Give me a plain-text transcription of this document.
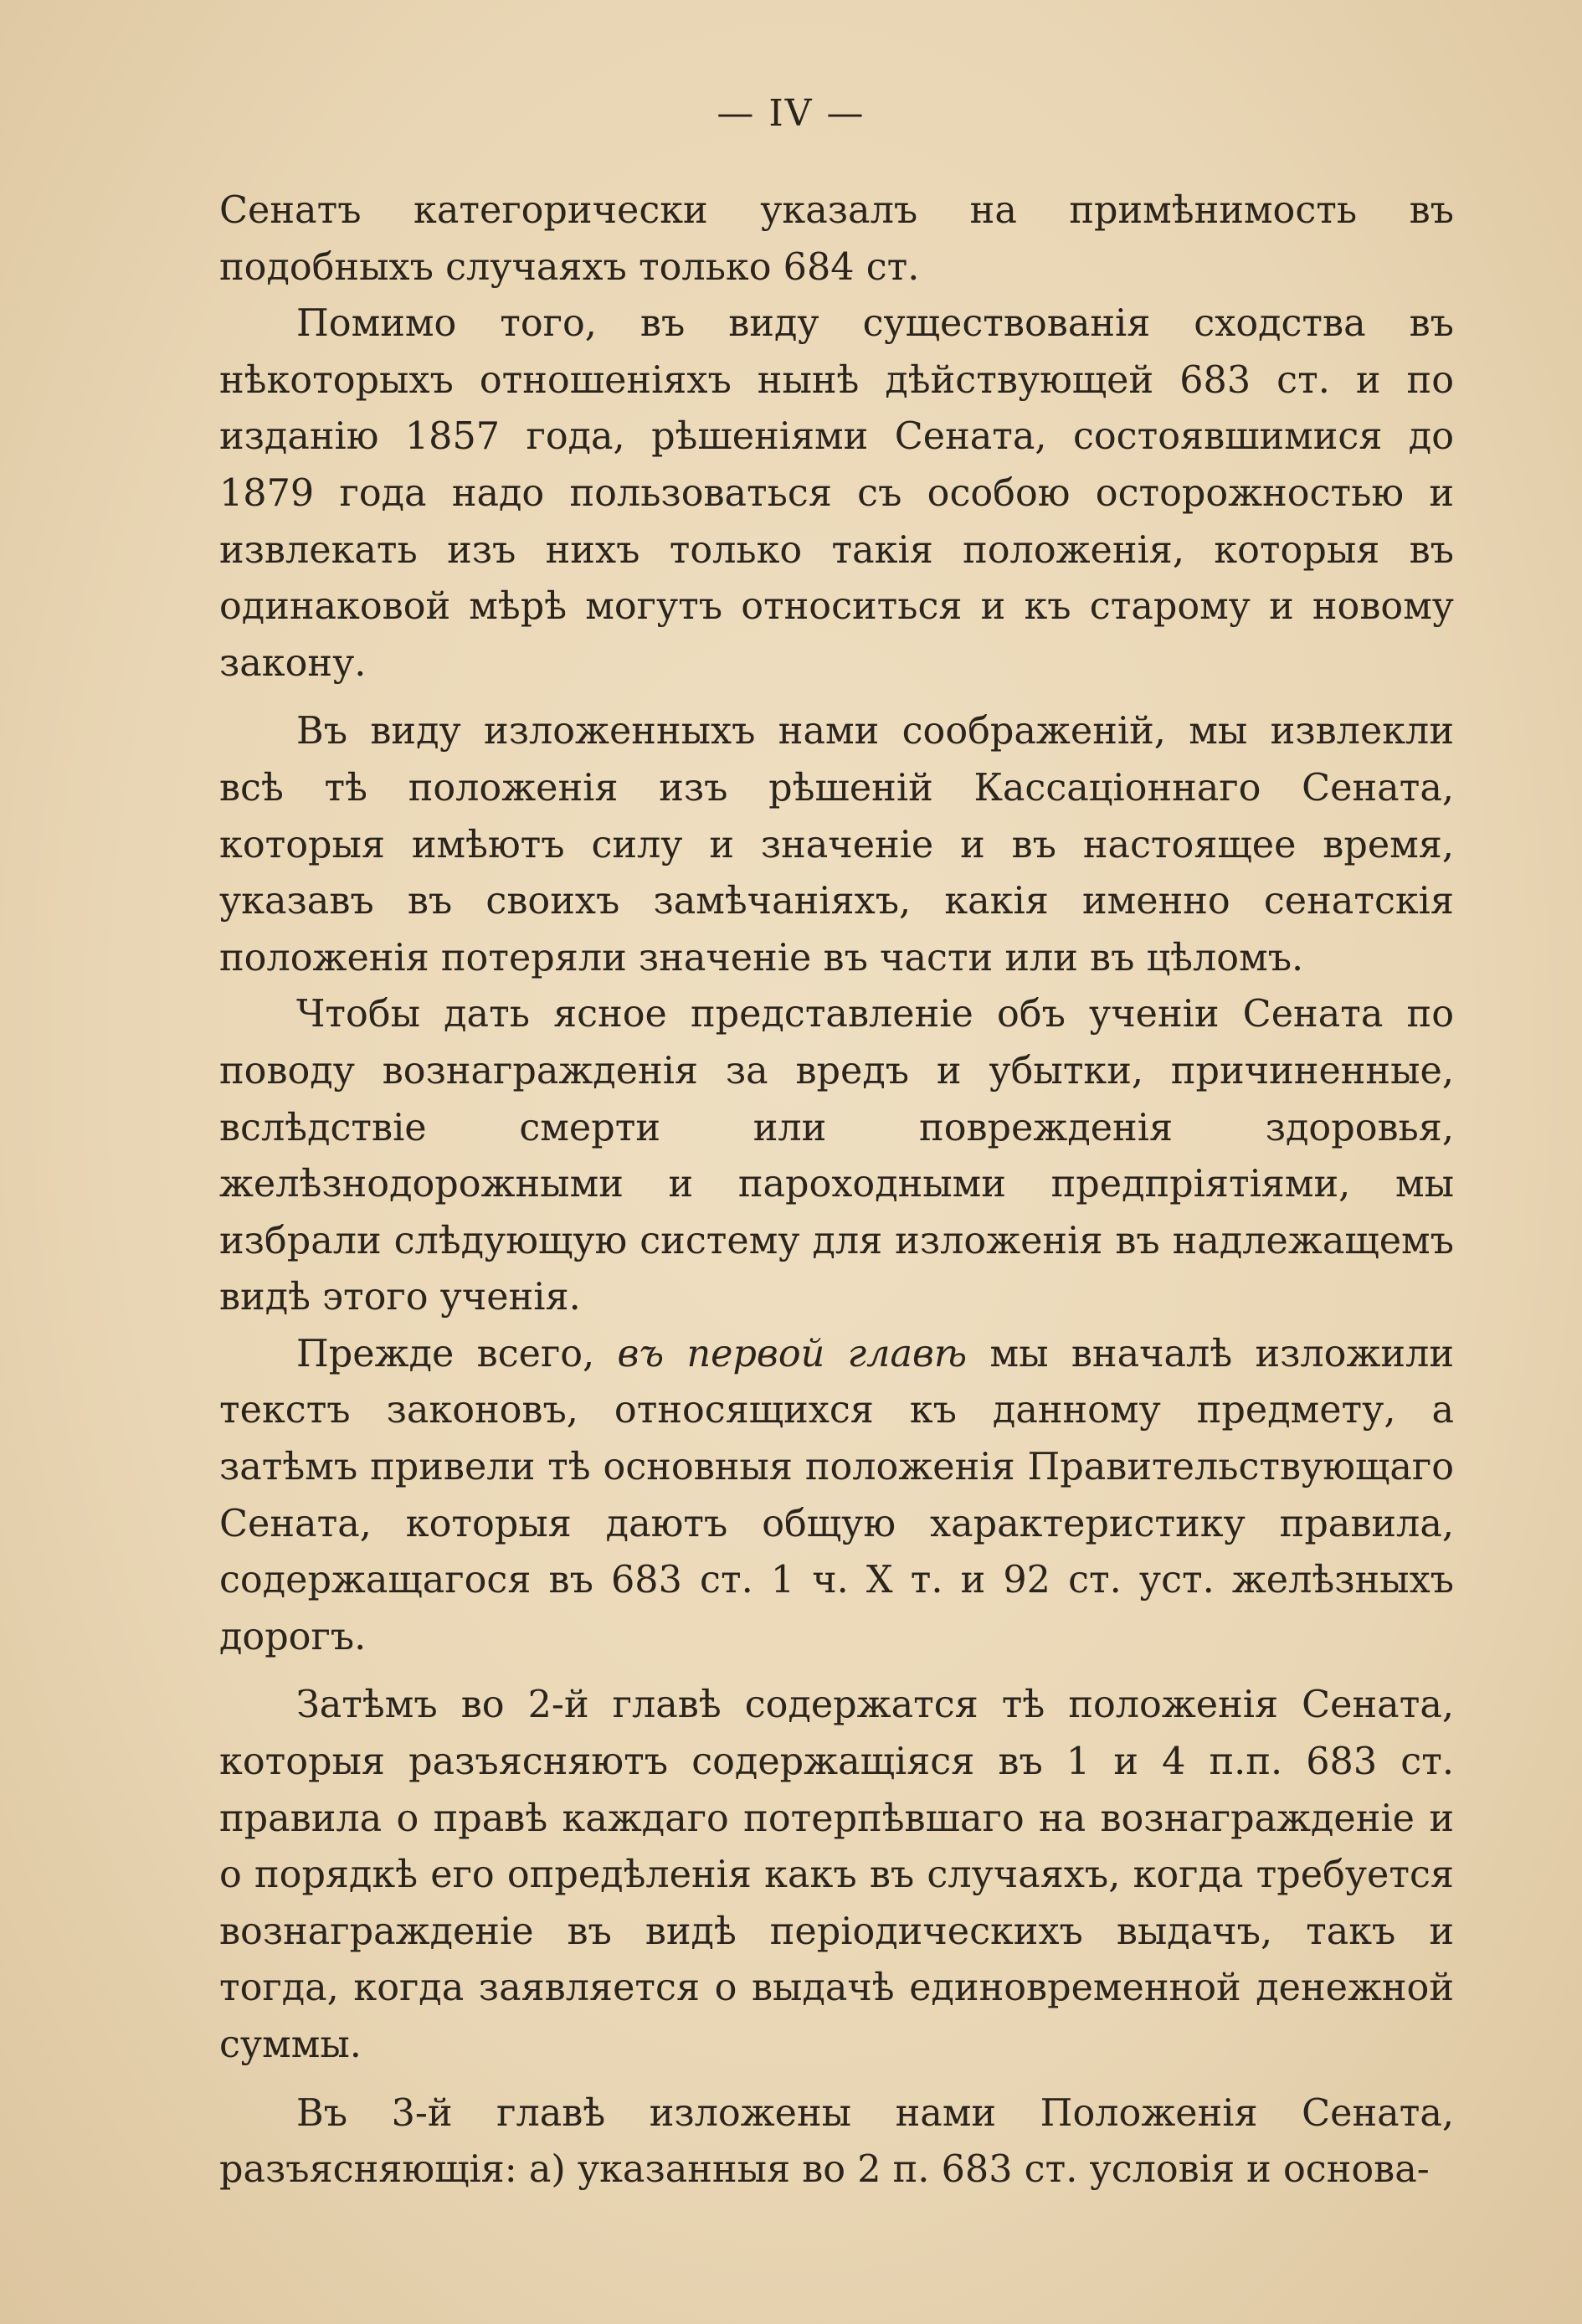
— IV —

Сенатъ категорически указалъ на примѣнимость въ подобныхъ случаяхъ только 684 ст.

Помимо того, въ виду существованія сходства въ нѣкоторыхъ отношеніяхъ нынѣ дѣйствующей 683 ст. и по изданію 1857 года, рѣшеніями Сената, состоявшимися до 1879 года надо пользоваться съ особою осторожностью и извлекать изъ нихъ только такія положенія, которыя въ одинаковой мѣрѣ могутъ относиться и къ старому и новому закону.

Въ виду изложенныхъ нами соображеній, мы извлекли всѣ тѣ положенія изъ рѣшеній Кассаціоннаго Сената, которыя имѣютъ силу и значеніе и въ настоящее время, указавъ въ своихъ замѣчаніяхъ, какія именно сенатскія положенія потеряли значеніе въ части или въ цѣломъ.

Чтобы дать ясное представленіе объ ученіи Сената по поводу вознагражденія за вредъ и убытки, причиненные, вслѣдствіе смерти или поврежденія здоровья, желѣзнодорожными и пароходными предпріятіями, мы избрали слѣдующую систему для изложенія въ надлежащемъ видѣ этого ученія.

Прежде всего, въ первой главѣ мы вначалѣ изложили текстъ законовъ, относящихся къ данному предмету, а затѣмъ привели тѣ основныя положенія Правительствующаго Сената, которыя даютъ общую характеристику правила, содержащагося въ 683 ст. 1 ч. X т. и 92 ст. уст. желѣзныхъ дорогъ.

Затѣмъ во 2-й главѣ содержатся тѣ положенія Сената, которыя разъясняютъ содержащіяся въ 1 и 4 п.п. 683 ст. правила о правѣ каждаго потерпѣвшаго на вознагражденіе и о порядкѣ его опредѣленія какъ въ случаяхъ, когда требуется вознагражденіе въ видѣ періодическихъ выдачъ, такъ и тогда, когда заявляется о выдачѣ единовременной денежной суммы.

Въ 3-й главѣ изложены нами Положенія Сената, разъясняющія: а) указанныя во 2 п. 683 ст. условія и основа-
